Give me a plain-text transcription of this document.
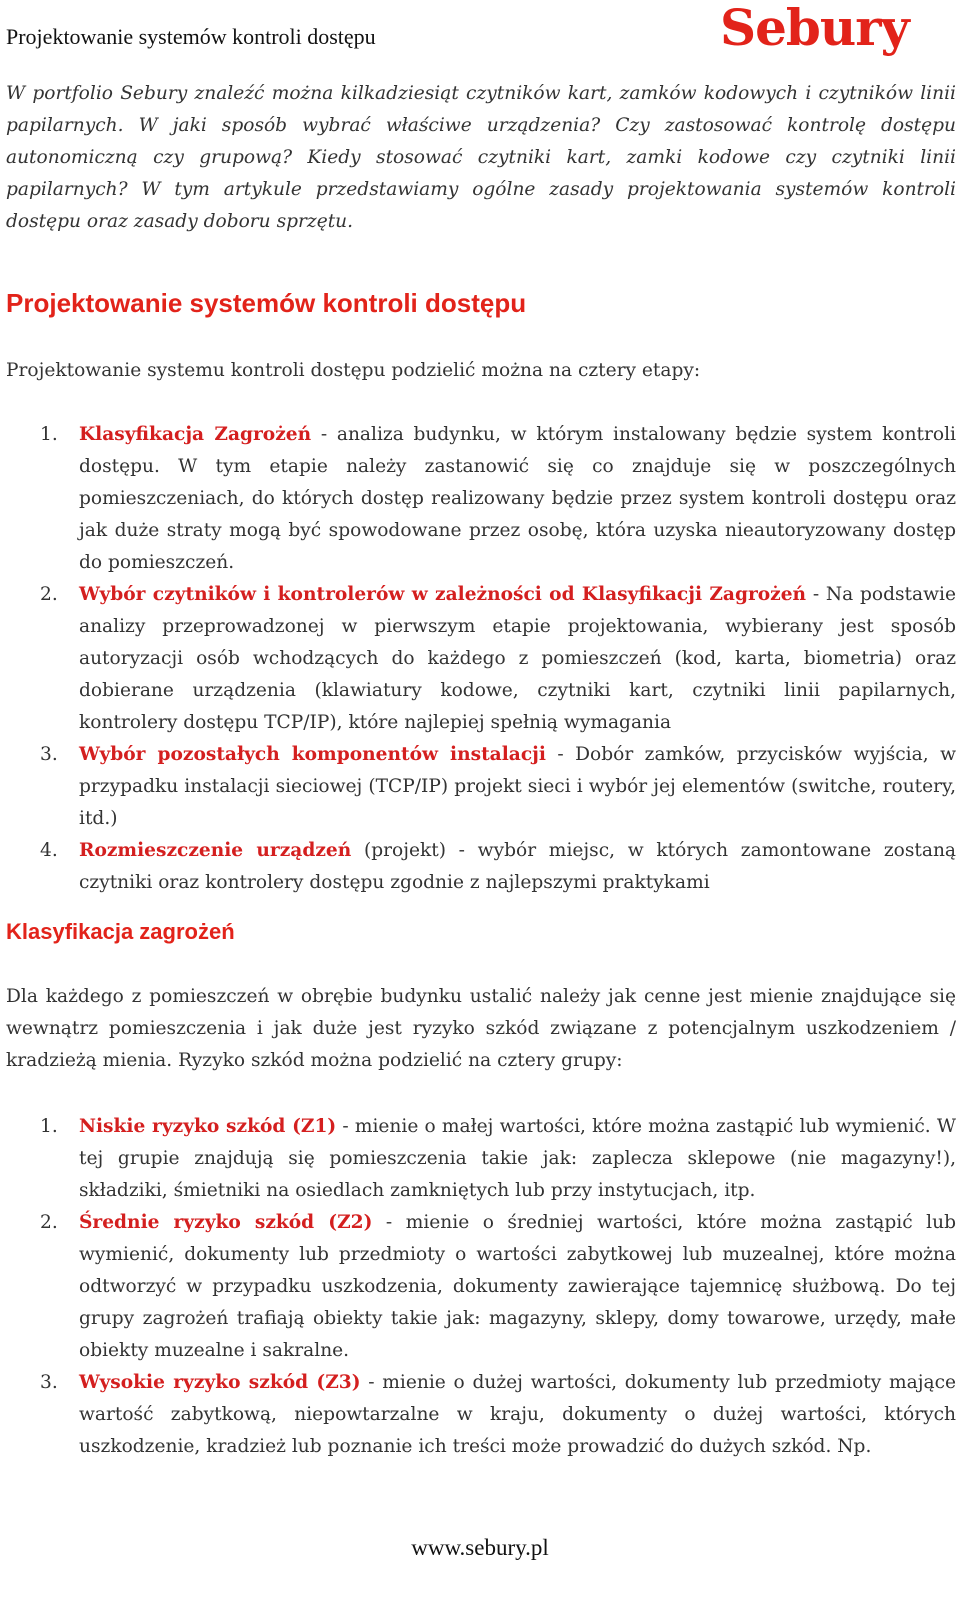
Projektowanie systemów kontroli dostępu	Sebury

W portfolio Sebury znaleźć można kilkadziesiąt czytników kart, zamków kodowych i czytników linii papilarnych. W jaki sposób wybrać właściwe urządzenia? Czy zastosować kontrolę dostępu autonomiczną czy grupową? Kiedy stosować czytniki kart, zamki kodowe czy czytniki linii papilarnych? W tym artykule przedstawiamy ogólne zasady projektowania systemów kontroli dostępu oraz zasady doboru sprzętu.

Projektowanie systemów kontroli dostępu

Projektowanie systemu kontroli dostępu podzielić można na cztery etapy:

1. Klasyfikacja Zagrożeń - analiza budynku, w którym instalowany będzie system kontroli dostępu. W tym etapie należy zastanowić się co znajduje się w poszczególnych pomieszczeniach, do których dostęp realizowany będzie przez system kontroli dostępu oraz jak duże straty mogą być spowodowane przez osobę, która uzyska nieautoryzowany dostęp do pomieszczeń.
2. Wybór czytników i kontrolerów w zależności od Klasyfikacji Zagrożeń - Na podstawie analizy przeprowadzonej w pierwszym etapie projektowania, wybierany jest sposób autoryzacji osób wchodzących do każdego z pomieszczeń (kod, karta, biometria) oraz dobierane urządzenia (klawiatury kodowe, czytniki kart, czytniki linii papilarnych, kontrolery dostępu TCP/IP), które najlepiej spełnią wymagania
3. Wybór pozostałych komponentów instalacji - Dobór zamków, przycisków wyjścia, w przypadku instalacji sieciowej (TCP/IP) projekt sieci i wybór jej elementów (switche, routery, itd.)
4. Rozmieszczenie urządzeń (projekt) - wybór miejsc, w których zamontowane zostaną czytniki oraz kontrolery dostępu zgodnie z najlepszymi praktykami
Klasyfikacja zagrożeń

Dla każdego z pomieszczeń w obrębie budynku ustalić należy jak cenne jest mienie znajdujące się wewnątrz pomieszczenia i jak duże jest ryzyko szkód związane z potencjalnym uszkodzeniem / kradzieżą mienia. Ryzyko szkód można podzielić na cztery grupy:

1. Niskie ryzyko szkód (Z1) - mienie o małej wartości, które można zastąpić lub wymienić. W tej grupie znajdują się pomieszczenia takie jak: zaplecza sklepowe (nie magazyny!), składziki, śmietniki na osiedlach zamkniętych lub przy instytucjach, itp.
2. Średnie ryzyko szkód (Z2) - mienie o średniej wartości, które można zastąpić lub wymienić, dokumenty lub przedmioty o wartości zabytkowej lub muzealnej, które można odtworzyć w przypadku uszkodzenia, dokumenty zawierające tajemnicę służbową. Do tej grupy zagrożeń trafiają obiekty takie jak: magazyny, sklepy, domy towarowe, urzędy, małe obiekty muzealne i sakralne.
3. Wysokie ryzyko szkód (Z3) - mienie o dużej wartości, dokumenty lub przedmioty mające wartość zabytkową, niepowtarzalne w kraju, dokumenty o dużej wartości, których uszkodzenie, kradzież lub poznanie ich treści może prowadzić do dużych szkód. Np.
www.sebury.pl
